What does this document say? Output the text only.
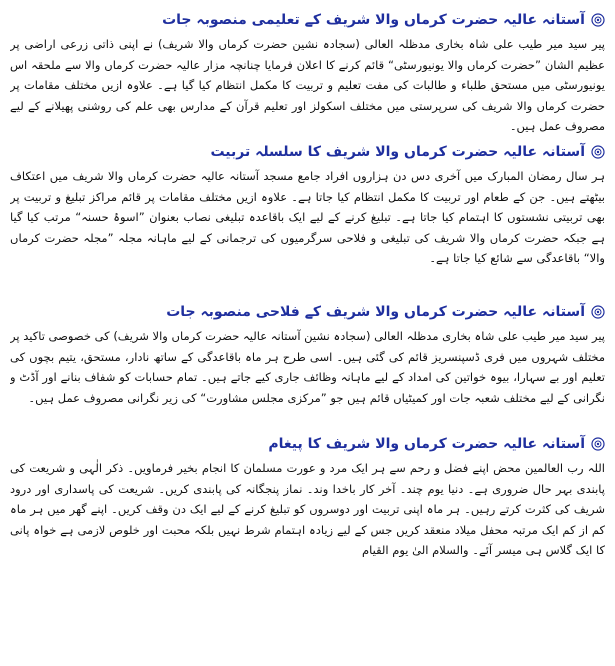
آستانہ عالیہ حضرت کرماں والا شریف کے تعلیمی منصوبہ جات

پیر سید میر طیب علی شاہ بخاری مدظلہ العالی (سجادہ نشین حضرت کرماں والا شریف) نے اپنی ذاتی زرعی اراضی پر عظیم الشان ”حضرت کرماں والا یونیورسٹی“ قائم کرنے کا اعلان فرمایا چنانچہ مزار عالیہ حضرت کرماں والا سے ملحقہ اس یونیورسٹی میں مستحق طلباء و طالبات کی مفت تعلیم و تربیت کا مکمل انتظام کیا گیا ہے۔ علاوہ ازیں مختلف مقامات پر حضرت کرماں والا شریف کی سرپرستی میں مختلف اسکولز اور تعلیم قرآن کے مدارس بھی علم کی روشنی پھیلانے کے لیے مصروف عمل ہیں۔

آستانہ عالیہ حضرت کرماں والا شریف کا سلسلہ تربیت

ہر سال رمضان المبارک میں آخری دس دن ہزاروں افراد جامع مسجد آستانہ عالیہ حضرت کرماں والا شریف میں اعتکاف بیٹھتے ہیں۔ جن کے طعام اور تربیت کا مکمل انتظام کیا جاتا ہے۔ علاوہ ازیں مختلف مقامات پر قائم مراکز تبلیغ و تربیت پر بھی تربیتی نشستوں کا اہتمام کیا جاتا ہے۔ تبلیغ کرنے کے لیے ایک باقاعدہ تبلیغی نصاب بعنوان ”اسوۂ حسنہ“ مرتب کیا گیا ہے جبکہ حضرت کرماں والا شریف کی تبلیغی و فلاحی سرگرمیوں کی ترجمانی کے لیے ماہانہ مجلہ ”مجلہ حضرت کرماں والا“ باقاعدگی سے شائع کیا جاتا ہے۔

آستانہ عالیہ حضرت کرماں والا شریف کے فلاحی منصوبہ جات

پیر سید میر طیب علی شاہ بخاری مدظلہ العالی (سجادہ نشین آستانہ عالیہ حضرت کرماں والا شریف) کی خصوصی تاکید پر مختلف شہروں میں فری ڈسپنسریز قائم کی گئی ہیں۔ اسی طرح ہر ماہ باقاعدگی کے ساتھ نادار، مستحق، یتیم بچوں کی تعلیم اور بے سہارا، بیوہ خواتین کی امداد کے لیے ماہانہ وظائف جاری کیے جاتے ہیں۔ تمام حسابات کو شفاف بنانے اور آڈٹ و نگرانی کے لیے مختلف شعبہ جات اور کمیٹیاں قائم ہیں جو ”مرکزی مجلس مشاورت“ کی زیر نگرانی مصروف عمل ہیں۔

آستانہ عالیہ حضرت کرماں والا شریف کا پیغام

اللہ رب العالمین محض اپنے فضل و رحم سے ہر ایک مرد و عورت مسلمان کا انجام بخیر فرماویں۔ ذکر الٰہی و شریعت کی پابندی بہر حال ضروری ہے۔ دنیا یوم چند۔ آخر کار باخدا وند۔ نماز پنجگانہ کی پابندی کریں۔ شریعت کی پاسداری اور درود شریف کی کثرت کرتے رہیں۔ ہر ماہ اپنی تربیت اور دوسروں کو تبلیغ کرنے کے لیے ایک دن وقف کریں۔ اپنے گھر میں ہر ماہ کم از کم ایک مرتبہ محفل میلاد منعقد کریں جس کے لیے زیادہ اہتمام شرط نہیں بلکہ محبت اور خلوص لازمی ہے خواہ پانی کا ایک گلاس ہی میسر آئے۔ والسلام الیٰ یوم القیام
